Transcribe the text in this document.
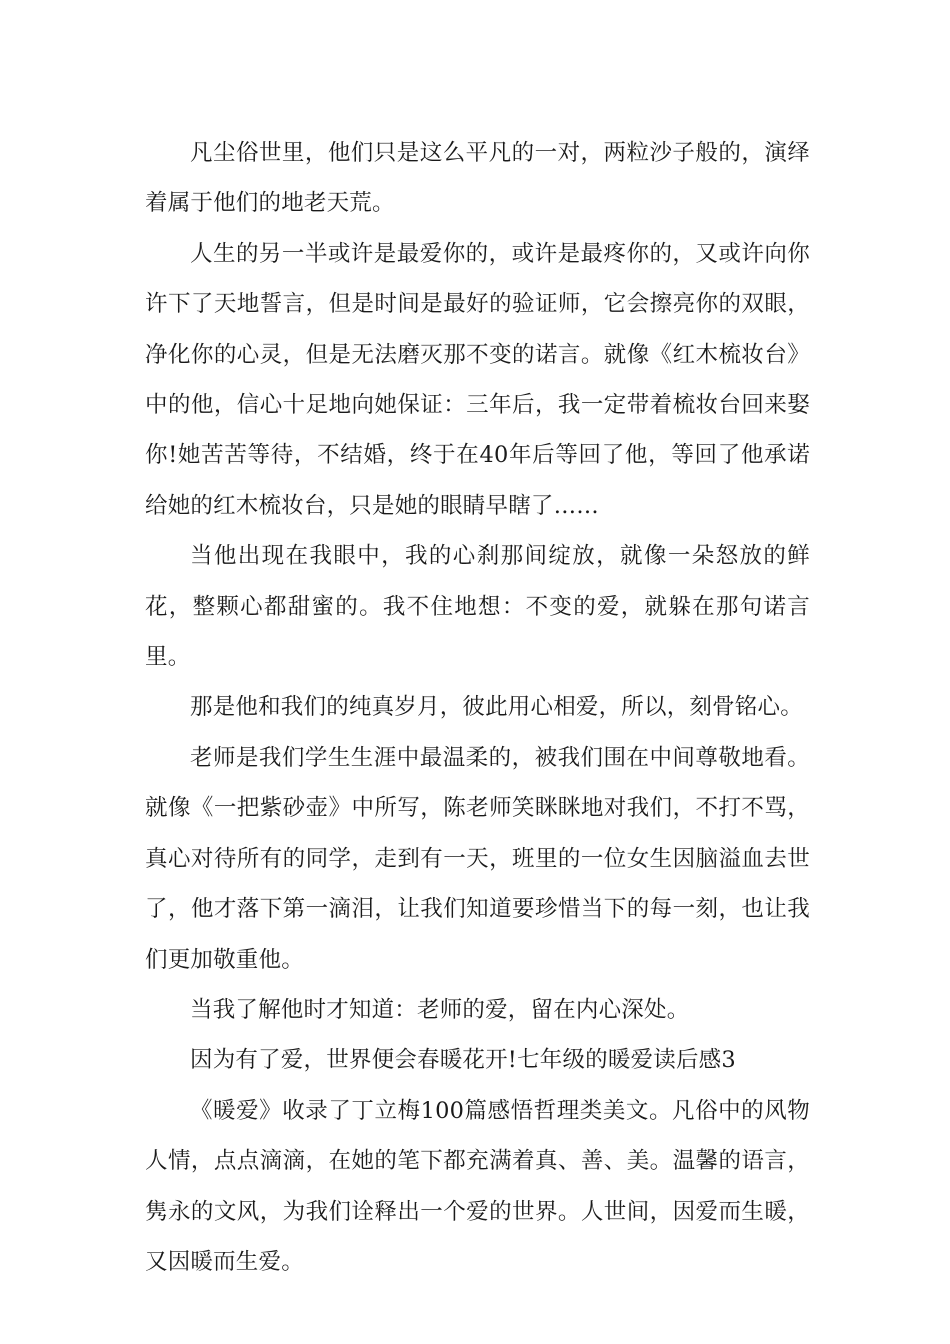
凡尘俗世里，他们只是这么平凡的一对，两粒沙子般的，演绎着属于他们的地老天荒。

人生的另一半或许是最爱你的，或许是最疼你的，又或许向你许下了天地誓言，但是时间是最好的验证师，它会擦亮你的双眼，净化你的心灵，但是无法磨灭那不变的诺言。就像《红木梳妆台》中的他，信心十足地向她保证：三年后，我一定带着梳妆台回来娶你!她苦苦等待，不结婚，终于在40年后等回了他，等回了他承诺给她的红木梳妆台，只是她的眼睛早瞎了……

当他出现在我眼中，我的心刹那间绽放，就像一朵怒放的鲜花，整颗心都甜蜜的。我不住地想：不变的爱，就躲在那句诺言里。

那是他和我们的纯真岁月，彼此用心相爱，所以，刻骨铭心。

老师是我们学生生涯中最温柔的，被我们围在中间尊敬地看。就像《一把紫砂壶》中所写，陈老师笑眯眯地对我们，不打不骂，真心对待所有的同学，走到有一天，班里的一位女生因脑溢血去世了，他才落下第一滴泪，让我们知道要珍惜当下的每一刻，也让我们更加敬重他。

当我了解他时才知道：老师的爱，留在内心深处。

因为有了爱，世界便会春暖花开!七年级的暖爱读后感3

《暖爱》收录了丁立梅100篇感悟哲理类美文。凡俗中的风物人情，点点滴滴，在她的笔下都充满着真、善、美。温馨的语言，隽永的文风，为我们诠释出一个爱的世界。人世间，因爱而生暖，又因暖而生爱。
